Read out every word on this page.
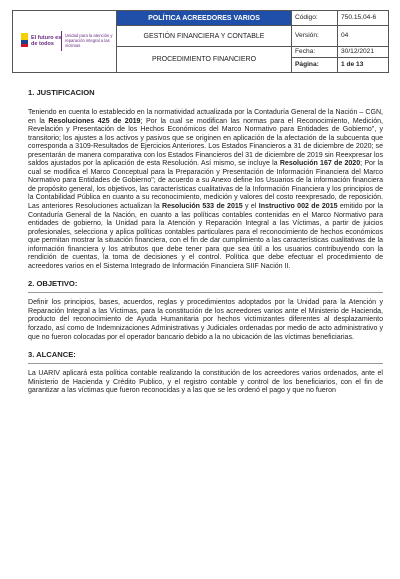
El futuro es de todos
Unidad para la atención y reparación integral a las víctimas
POLÍTICA ACREEDORES VARIOS
GESTIÓN FINANCIERA Y CONTABLE
PROCEDIMIENTO FINANCIERO
Código:	750.15.04-6
Versión:	04
Fecha:	30/12/2021
Página:	1 de 13

1. JUSTIFICACION

Teniendo en cuenta lo establecido en la normatividad actualizada por la Contaduría General de la Nación – CGN, en la Resoluciones 425 de 2019; Por la cual se modifican las normas para el Reconocimiento, Medición, Revelación y Presentación de los Hechos Económicos del Marco Normativo para Entidades de Gobierno", y transitorio; los ajustes a los activos y pasivos que se originen en aplicación de la afectación de la subcuenta que corresponda a 3109-Resultados de Ejercicios Anteriores. Los Estados Financieros a 31 de diciembre de 2020; se presentarán de manera comparativa con los Estados Financieros del 31 de diciembre de 2019 sin Reexpresar los saldos ajustados por la aplicación de esta Resolución. Así mismo, se incluye la Resolución 167 de 2020; Por la cual se modifica el Marco Conceptual para la Preparación y Presentación de Información Financiera del Marco Normativo para Entidades de Gobierno"; de acuerdo a su Anexo define los Usuarios de la información financiera de propósito general, los objetivos, las características cualitativas de la Información Financiera y los principios de la Contabilidad Pública en cuanto a su reconocimiento, medición y valores del costo reexpresado, de reposición. Las anteriores Resoluciones actualizan la Resolución 533 de 2015 y el Instructivo 002 de 2015 emitido por la Contaduría General de la Nación, en cuanto a las políticas contables contenidas en el Marco Normativo para entidades de gobierno, la Unidad para la Atención y Reparación Integral a las Víctimas, a partir de juicios profesionales, selecciona y aplica políticas contables particulares para el reconocimiento de hechos económicos que permitan mostrar la situación financiera, con el fin de dar cumplimiento a las características cualitativas de la información financiera y los atributos que debe tener para que sea útil a los usuarios contribuyendo con la rendición de cuentas, la toma de decisiones y el control. Política que debe efectuar el procedimiento de acreedores varios en el Sistema Integrado de Información Financiera SIIF Nación II.

2. OBJETIVO:

Definir los principios, bases, acuerdos, reglas y procedimientos adoptados por la Unidad para la Atención y Reparación Integral a las Víctimas, para la constitución de los acreedores varios ante el Ministerio de Hacienda, producto del reconocimiento de Ayuda Humanitaria por hechos victimizantes diferentes al desplazamiento forzado, así como de Indemnizaciones Administrativas y Judiciales ordenadas por medio de acto administrativo y que no fueron colocadas por el operador bancario debido a la no ubicación de las víctimas beneficiarias.

3. ALCANCE:

La UARIV aplicará esta política contable realizando la constitución de los acreedores varios ordenados, ante el Ministerio de Hacienda y Crédito Publico, y el registro contable y control de los beneficiarios, con el fin de garantizar a las víctimas que fueron reconocidas y a las que se les ordenó el pago y que no fueron
